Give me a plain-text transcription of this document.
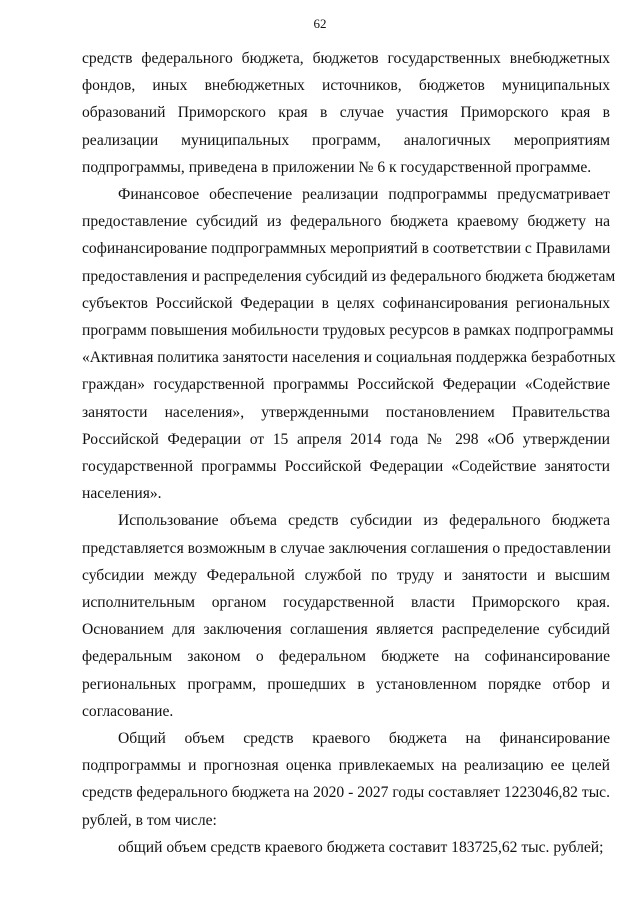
62
средств федерального бюджета, бюджетов государственных внебюджетных
фондов, иных внебюджетных источников, бюджетов муниципальных
образований Приморского края в случае участия Приморского края в
реализации муниципальных программ, аналогичных мероприятиям
подпрограммы, приведена в приложении № 6 к государственной программе.
Финансовое обеспечение реализации подпрограммы предусматривает
предоставление субсидий из федерального бюджета краевому бюджету на
софинансирование подпрограммных мероприятий в соответствии с Правилами
предоставления и распределения субсидий из федерального бюджета бюджетам
субъектов Российской Федерации в целях софинансирования региональных
программ повышения мобильности трудовых ресурсов в рамках подпрограммы
«Активная политика занятости населения и социальная поддержка безработных
граждан» государственной программы Российской Федерации «Содействие
занятости населения», утвержденными постановлением Правительства
Российской Федерации от 15 апреля 2014 года № 298 «Об утверждении
государственной программы Российской Федерации «Содействие занятости
населения».
Использование объема средств субсидии из федерального бюджета
представляется возможным в случае заключения соглашения о предоставлении
субсидии между Федеральной службой по труду и занятости и высшим
исполнительным органом государственной власти Приморского края.
Основанием для заключения соглашения является распределение субсидий
федеральным законом о федеральном бюджете на софинансирование
региональных программ, прошедших в установленном порядке отбор и
согласование.
Общий объем средств краевого бюджета на финансирование
подпрограммы и прогнозная оценка привлекаемых на реализацию ее целей
средств федерального бюджета на 2020 - 2027 годы составляет 1223046,82 тыс.
рублей, в том числе:
общий объем средств краевого бюджета составит 183725,62 тыс. рублей;
